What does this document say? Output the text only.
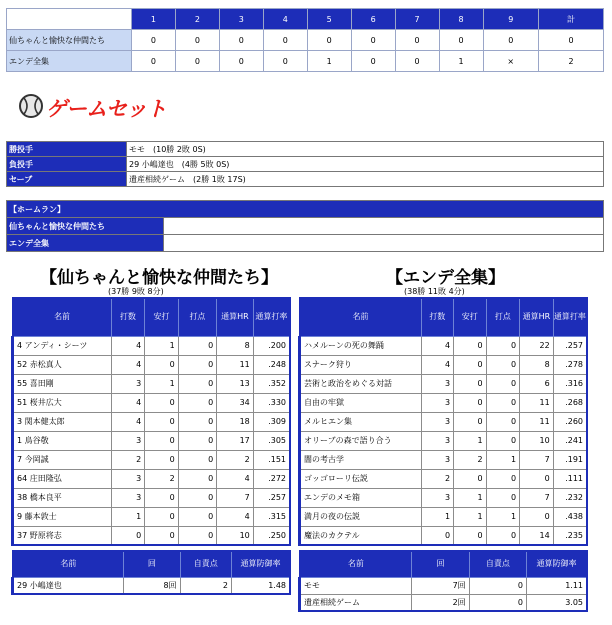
	1	2	3	4	5	6	7	8	9	計
仙ちゃんと愉快な仲間たち	0	0	0	0	0	0	0	0	0	0
エンデ全集	0	0	0	0	1	0	0	1	×	2
ゲームセット
勝投手	モモ　(10勝 2敗 0S)
負投手	29 小嶋達也　(4勝 5敗 0S)
セーブ	遺産相続ゲーム　(2勝 1敗 17S)
【ホームラン】	
仙ちゃんと愉快な仲間たち	
エンデ全集	
【仙ちゃんと愉快な仲間たち】
(37勝 9敗 8分)
【エンデ全集】
(38勝 11敗 4分)
名前	打数	安打	打点	通算HR	通算打率
4 アンディ・シーツ	4	1	0	8	.200
52 赤松真人	4	0	0	11	.248
55 喜田剛	3	1	0	13	.352
51 桜井広大	4	0	0	34	.330
3 関本健太郎	4	0	0	18	.309
1 鳥谷敬	3	0	0	17	.305
7 今岡誠	2	0	0	2	.151
64 庄田隆弘	3	2	0	4	.272
38 橋本良平	3	0	0	7	.257
9 藤本敦士	1	0	0	4	.315
37 野原将志	0	0	0	10	.250
名前	打数	安打	打点	通算HR	通算打率
ハメルーンの死の舞踊	4	0	0	22	.257
スナーク狩り	4	0	0	8	.278
芸術と政治をめぐる対話	3	0	0	6	.316
自由の牢獄	3	0	0	11	.268
メルヒエン集	3	0	0	11	.260
オリーブの森で語り合う	3	1	0	10	.241
闇の考古学	3	2	1	7	.191
ゴッゴローリ伝説	2	0	0	0	.111
エンデのメモ箱	3	1	0	7	.232
満月の夜の伝説	1	1	1	0	.438
魔法のカクテル	0	0	0	14	.235
名前	回	自責点	通算防御率
29 小嶋達也	8回	2	1.48
名前	回	自責点	通算防御率
モモ	7回	0	1.11
遺産相続ゲーム	2回	0	3.05
